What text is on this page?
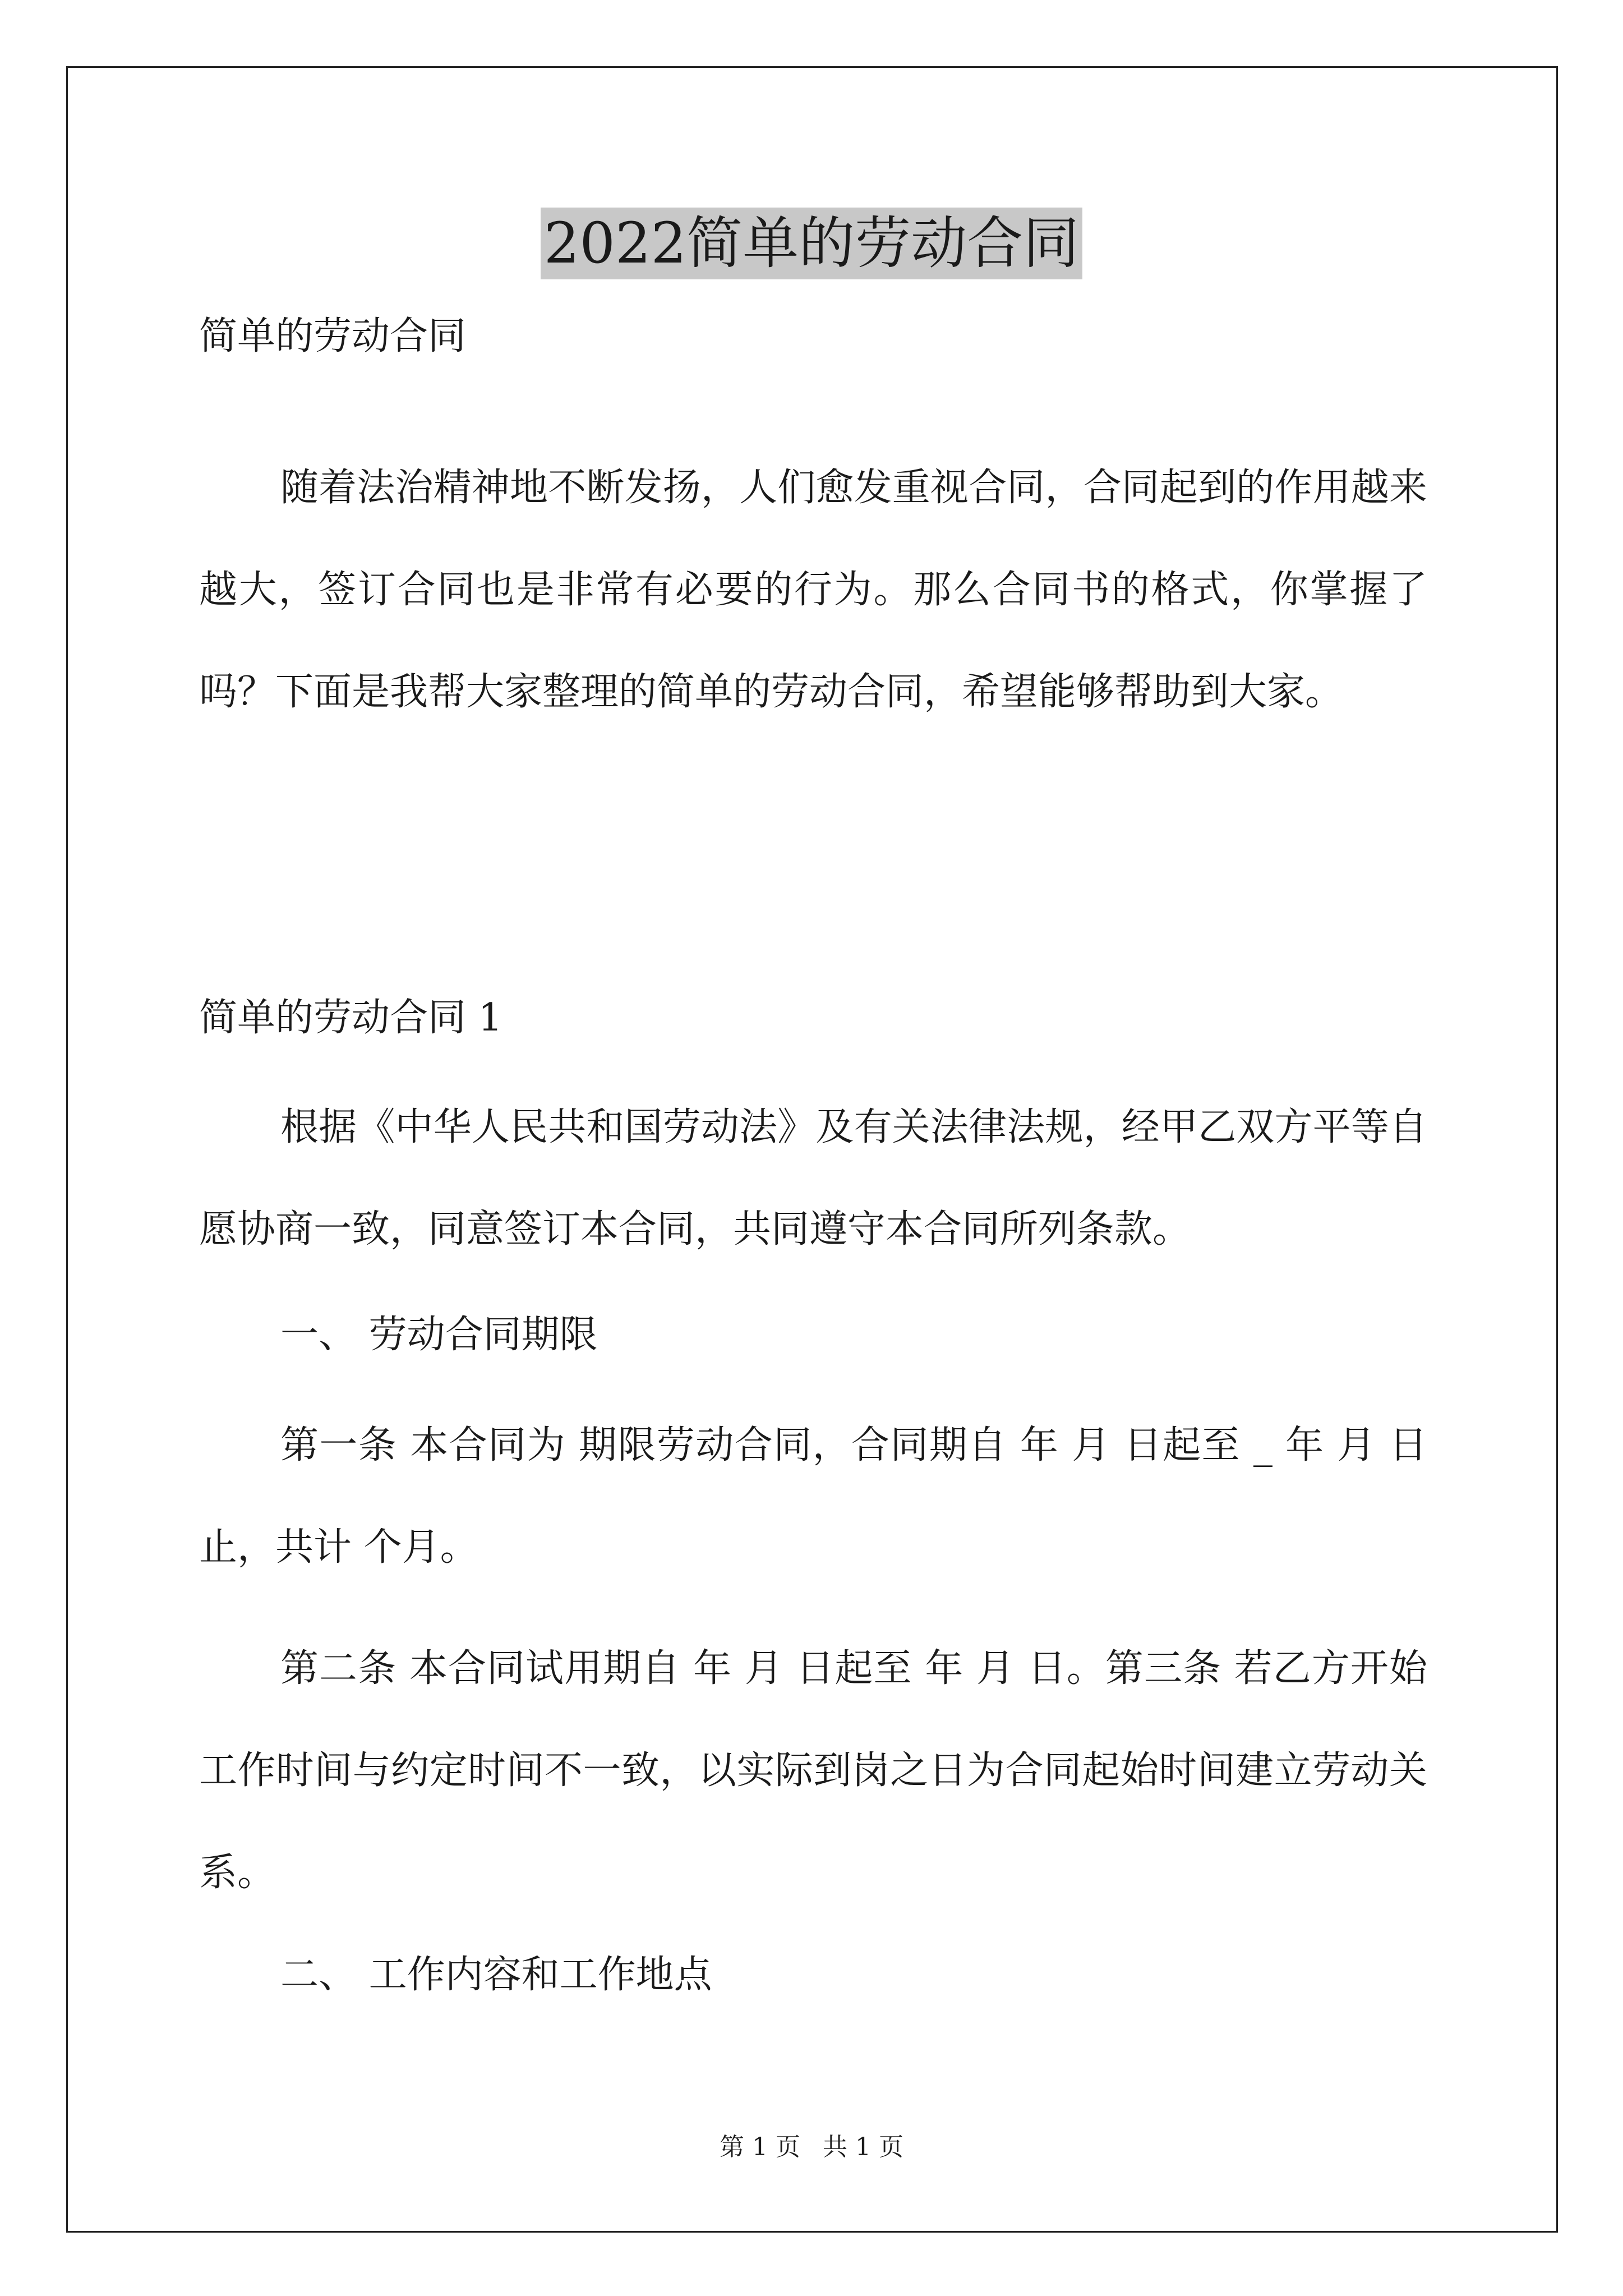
2022简单的劳动合同

简单的劳动合同

随着法治精神地不断发扬，人们愈发重视合同，合同起到的作用越来越大，签订合同也是非常有必要的行为。那么合同书的格式，你掌握了吗？下面是我帮大家整理的简单的劳动合同，希望能够帮助到大家。

简单的劳动合同 1

根据《中华人民共和国劳动法》及有关法律法规，经甲乙双方平等自愿协商一致，同意签订本合同，共同遵守本合同所列条款。

一、 劳动合同期限

第一条 本合同为 期限劳动合同，合同期自 年 月 日起至 _ 年 月 日止，共计 个月。

第二条 本合同试用期自 年 月 日起至 年 月 日。第三条 若乙方开始工作时间与约定时间不一致，以实际到岗之日为合同起始时间建立劳动关系。

二、 工作内容和工作地点

第 1 页 共 1 页
